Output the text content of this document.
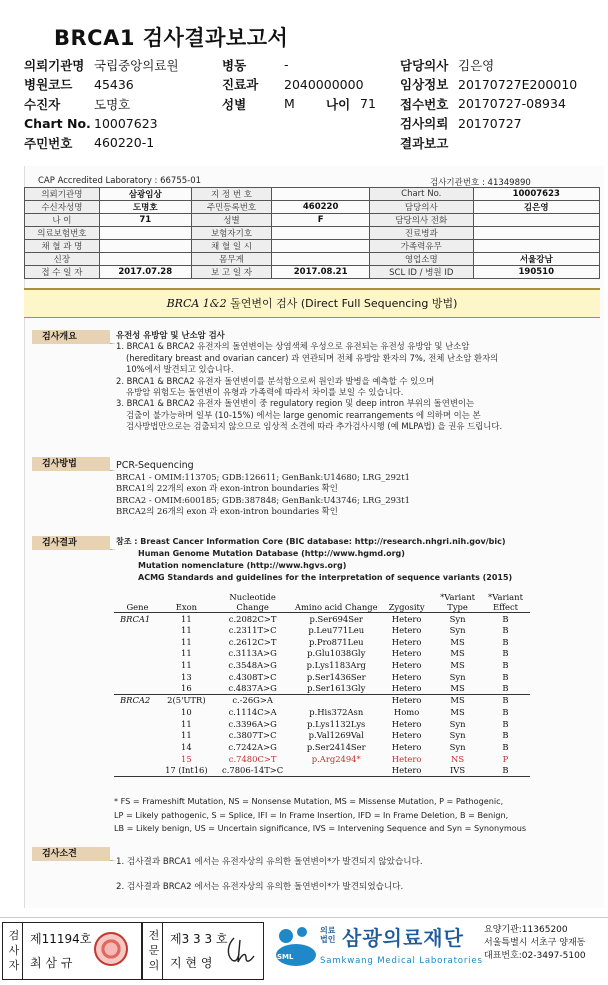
BRCA1 검사결과보고서
의뢰기관명 국립중앙의료원
병원코드	45436
수진자	도명호
Chart No. 10007623
주민번호	460220-1
병동	-
진료과	2040000000
성별	M	나이 71
담당의사 김은영
임상정보 20170727E200010
접수번호 20170727-08934
검사의뢰 20170727
결과보고
CAP Accredited Laboratory : 66755-01	검사기관번호 : 41349890
의뢰기관명	삼광임상	지 정 번 호		Chart No.	10007623
수신자성명	도명호	주민등록번호	460220	담당의사	김은영
나 이	71	성별	F	담당의사 전화	
의료보험번호		보험자기호		진료병과	
채 혈 과 명		채 혈 일 시		가족력유무	
신장		몸무게		영업소명	서울강남
접 수 일 자	2017.07.28	보 고 일 자	2017.08.21	SCL ID / 병원 ID	190510
BRCA 1&2 돌연변이 검사 (Direct Full Sequencing 방법)
검사개요	유전성 유방암 및 난소암 검사
1. BRCA1 & BRCA2 유전자의 돌연변이는 상염색체 우성으로 유전되는 유전성 유방암 및 난소암
(hereditary breast and ovarian cancer) 과 연관되며 전체 유방암 환자의 7%, 전체 난소암 환자의
10%에서 발견되고 있습니다.
2. BRCA1 & BRCA2 유전자 돌연변이를 분석함으로써 원인과 발병을 예측할 수 있으며
유방암 위험도는 돌연변이 유형과 가족력에 따라서 차이를 보일 수 있습니다.
3. BRCA1 & BRCA2 유전자 돌연변이 중 regulatory region 및 deep intron 부위의 돌연변이는
검출이 불가능하며 일부 (10-15%) 에서는 large genomic rearrangements 에 의하며 이는 본
검사방법만으로는 검출되지 않으므로 임상적 소견에 따라 추가검사시행 (예 MLPA법) 을 권유 드립니다.
검사방법	PCR-Sequencing
BRCA1 - OMIM:113705; GDB:126611; GenBank:U14680; LRG_292t1
BRCA1의 22개의 exon 과 exon-intron boundaries 확인
BRCA2 - OMIM:600185; GDB:387848; GenBank:U43746; LRG_293t1
BRCA2의 26개의 exon 과 exon-intron boundaries 확인
검사결과	참조 : Breast Cancer Information Core (BIC database: http://research.nhgri.nih.gov/bic)
Human Genome Mutation Database (http://www.hgmd.org)
Mutation nomenclature (http://www.hgvs.org)
ACMG Standards and guidelines for the interpretation of sequence variants (2015)
Gene	Exon	Nucleotide Change	Amino acid Change	Zygosity	*Variant Type	*Variant Effect
BRCA1	11	c.2082C>T	p.Ser694Ser	Hetero	Syn	B
	11	c.2311T>C	p.Leu771Leu	Hetero	Syn	B
	11	c.2612C>T	p.Pro871Leu	Hetero	MS	B
	11	c.3113A>G	p.Glu1038Gly	Hetero	MS	B
	11	c.3548A>G	p.Lys1183Arg	Hetero	MS	B
	13	c.4308T>C	p.Ser1436Ser	Hetero	Syn	B
	16	c.4837A>G	p.Ser1613Gly	Hetero	MS	B
BRCA2	2(5'UTR)	c.-26G>A		Hetero	MS	B
	10	c.1114C>A	p.His372Asn	Homo	MS	B
	11	c.3396A>G	p.Lys1132Lys	Hetero	Syn	B
	11	c.3807T>C	p.Val1269Val	Hetero	Syn	B
	14	c.7242A>G	p.Ser2414Ser	Hetero	Syn	B
	15	c.7480C>T	p.Arg2494*	Hetero	NS	P
	17 (Int16)	c.7806-14T>C		Hetero	IVS	B
* FS = Frameshift Mutation, NS = Nonsense Mutation, MS = Missense Mutation, P = Pathogenic,
LP = Likely pathogenic, S = Splice, IFI = In Frame Insertion, IFD = In Frame Deletion, B = Benign,
LB = Likely benign, US = Uncertain significance, IVS = Intervening Sequence and Syn = Synonymous
검사소견
1. 검사결과 BRCA1 에서는 유전자상의 유의한 돌연변이*가 발견되지 않았습니다.
2. 검사결과 BRCA2 에서는 유전자상의 유의한 돌연변이*가 발견되었습니다.
검
사
자
제11194호
최 삼 규
전
문
의
제3 3 3 호
지 현 영
의료법인 삼광의료재단
Samkwang Medical Laboratories
요양기관:11365200
서울특별시 서초구 양재동
대표번호:02-3497-5100
SML
